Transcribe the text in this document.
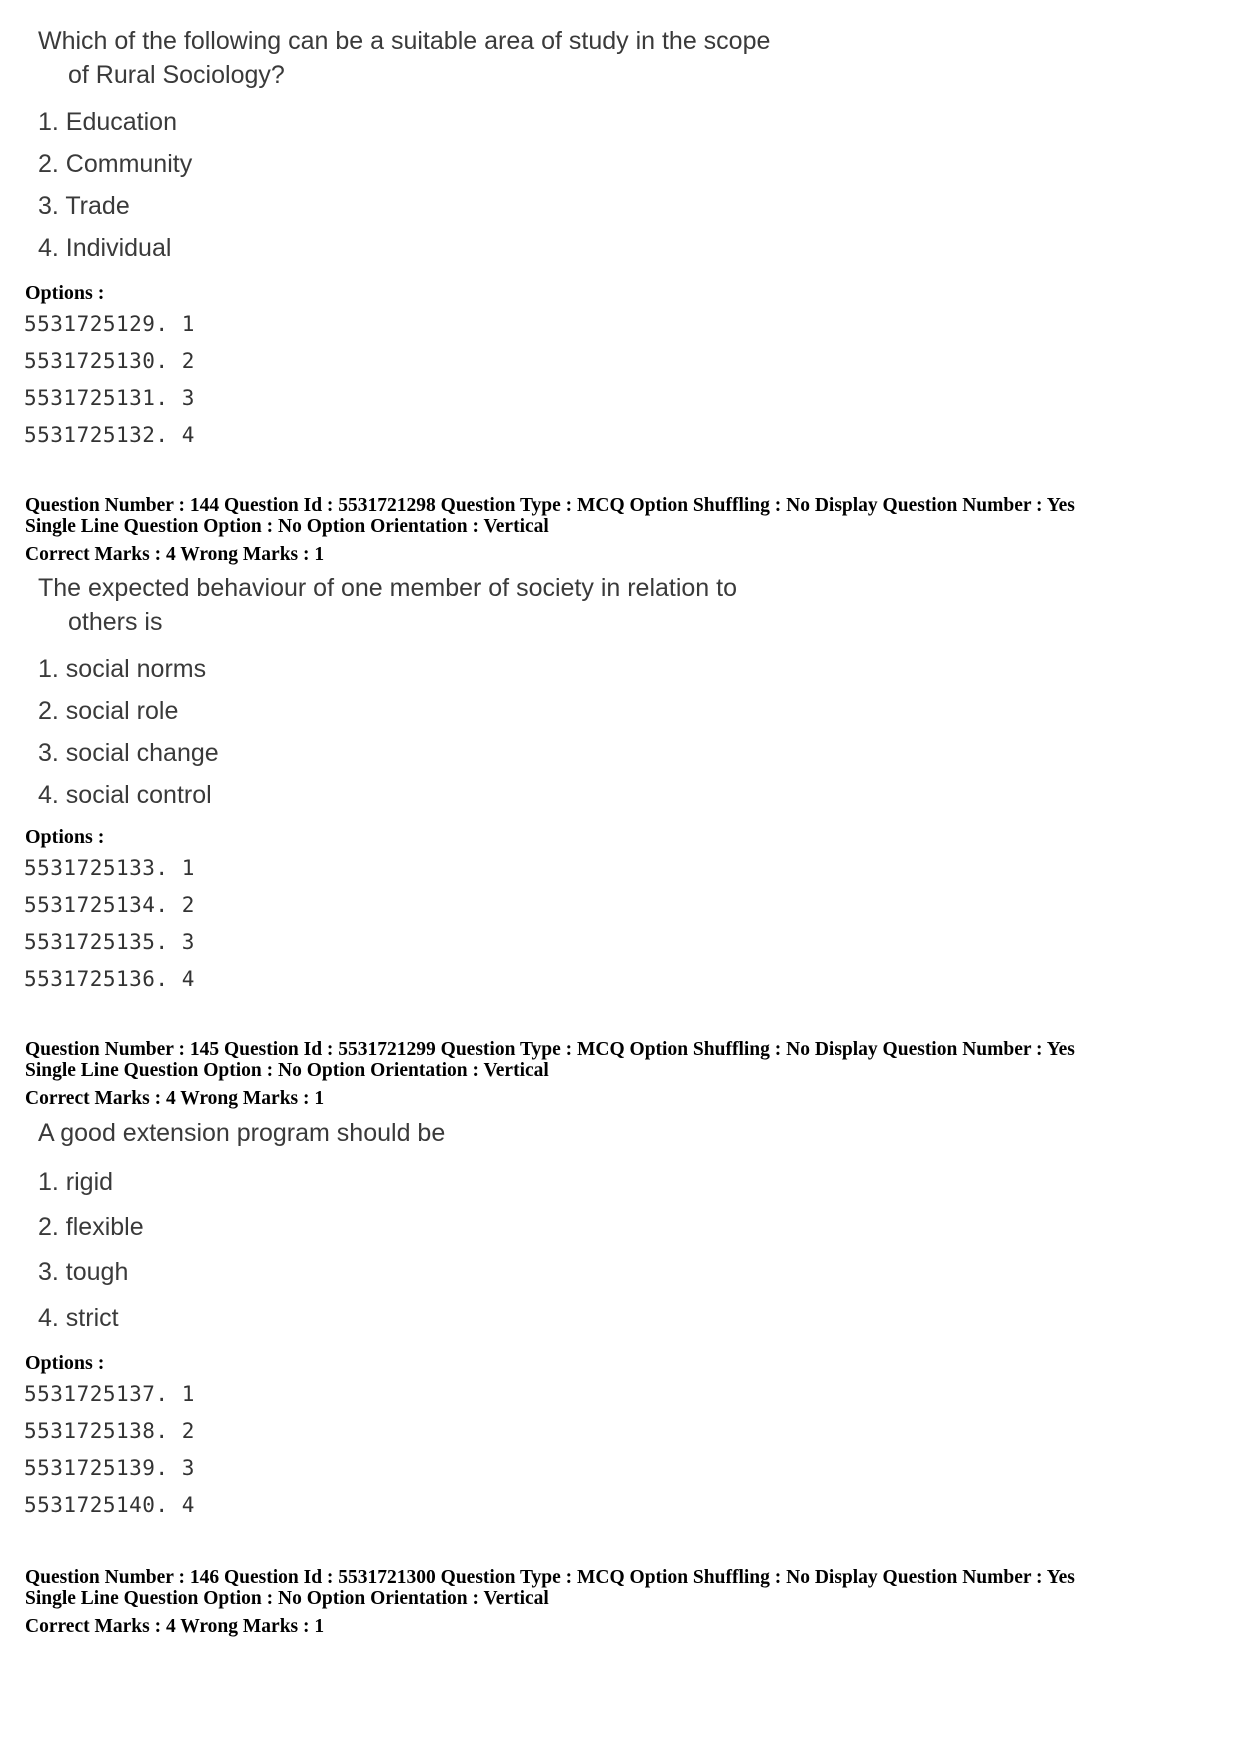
Which of the following can be a suitable area of study in the scope
of Rural Sociology?

1. Education
2. Community
3. Trade
4. Individual
Options :
5531725129. 1
5531725130. 2
5531725131. 3
5531725132. 4
Question Number : 144 Question Id : 5531721298 Question Type : MCQ Option Shuffling : No Display Question Number : Yes
Single Line Question Option : No Option Orientation : Vertical
Correct Marks : 4 Wrong Marks : 1

The expected behaviour of one member of society in relation to
others is

1. social norms
2. social role
3. social change
4. social control
Options :
5531725133. 1
5531725134. 2
5531725135. 3
5531725136. 4
Question Number : 145 Question Id : 5531721299 Question Type : MCQ Option Shuffling : No Display Question Number : Yes
Single Line Question Option : No Option Orientation : Vertical
Correct Marks : 4 Wrong Marks : 1

A good extension program should be

1. rigid
2. flexible
3. tough
4. strict
Options :
5531725137. 1
5531725138. 2
5531725139. 3
5531725140. 4
Question Number : 146 Question Id : 5531721300 Question Type : MCQ Option Shuffling : No Display Question Number : Yes
Single Line Question Option : No Option Orientation : Vertical
Correct Marks : 4 Wrong Marks : 1
